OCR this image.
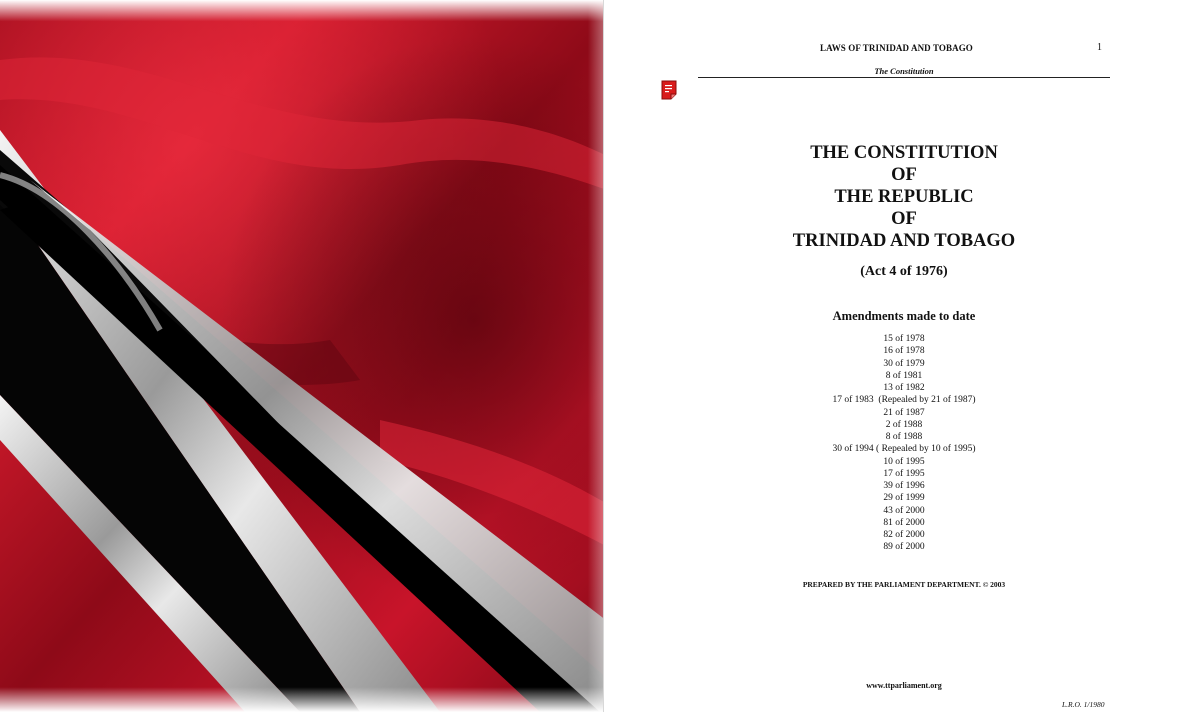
LAWS OF TRINIDAD AND TOBAGO	1
The Constitution
THE CONSTITUTION
OF
THE REPUBLIC
OF
TRINIDAD AND TOBAGO
(Act 4 of 1976)
Amendments made to date
15 of 1978
16 of 1978
30 of 1979
8 of 1981
13 of 1982
17 of 1983  (Repealed by 21 of 1987)
21 of 1987
2 of 1988
8 of 1988
30 of 1994 ( Repealed by 10 of 1995)
10 of 1995
17 of 1995
39 of 1996
29 of 1999
43 of 2000
81 of 2000
82 of 2000
89 of 2000
PREPARED BY THE PARLIAMENT DEPARTMENT. © 2003
www.ttparliament.org
L.R.O. 1/1980
